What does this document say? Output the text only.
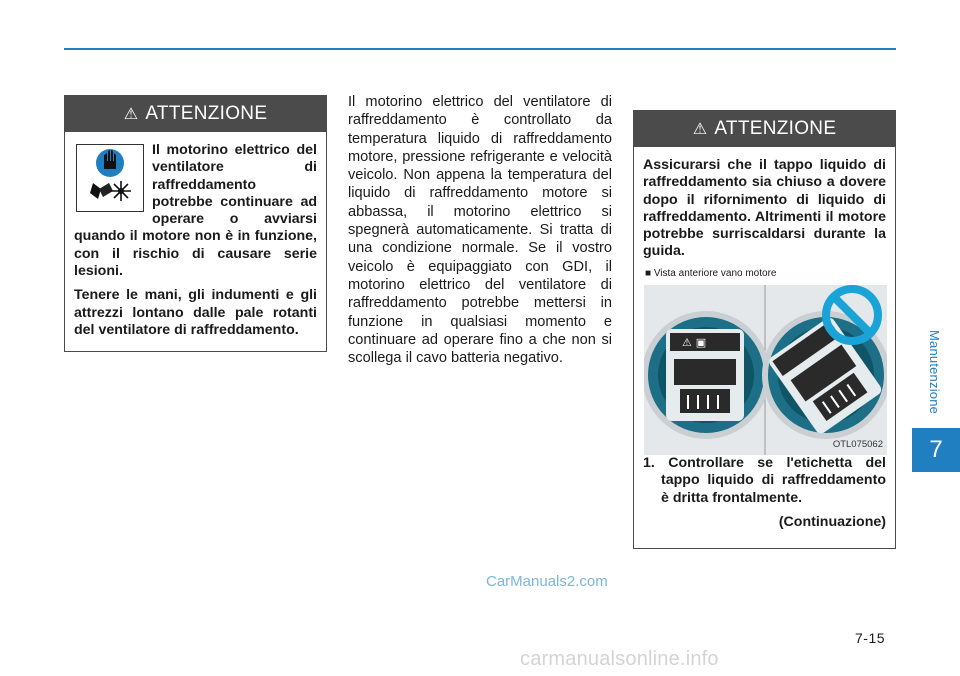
⚠ ATTENZIONE

Il motorino elettrico del ventilatore di raffreddamento potrebbe continuare ad operare o avviarsi quando il motore non è in funzione, con il rischio di causare serie lesioni.

Tenere le mani, gli indumenti e gli attrezzi lontano dalle pale rotanti del ventilatore di raffreddamento.

Il motorino elettrico del ventilatore di raffreddamento è controllato da temperatura liquido di raffreddamento motore, pressione refrigerante e velocità veicolo. Non appena la temperatura del liquido di raffreddamento motore si abbassa, il motorino elettrico si spegnerà automaticamente. Si tratta di una condizione normale. Se il vostro veicolo è equipaggiato con GDI, il motorino elettrico del ventilatore di raffreddamento potrebbe mettersi in funzione in qualsiasi momento e continuare ad operare fino a che non si scollega il cavo batteria negativo.
⚠ ATTENZIONE

Assicurarsi che il tappo liquido di raffreddamento sia chiuso a dovere dopo il rifornimento di liquido di raffreddamento. Altrimenti il motore potrebbe surriscaldarsi durante la guida.

■ Vista anteriore vano motore
⚠ ▣
OTL075062

1. Controllare se l'etichetta del tappo liquido di raffreddamento è dritta frontalmente.

(Continuazione)

Manutenzione
7
CarManuals2.com
7-15
carmanualsonline.info
